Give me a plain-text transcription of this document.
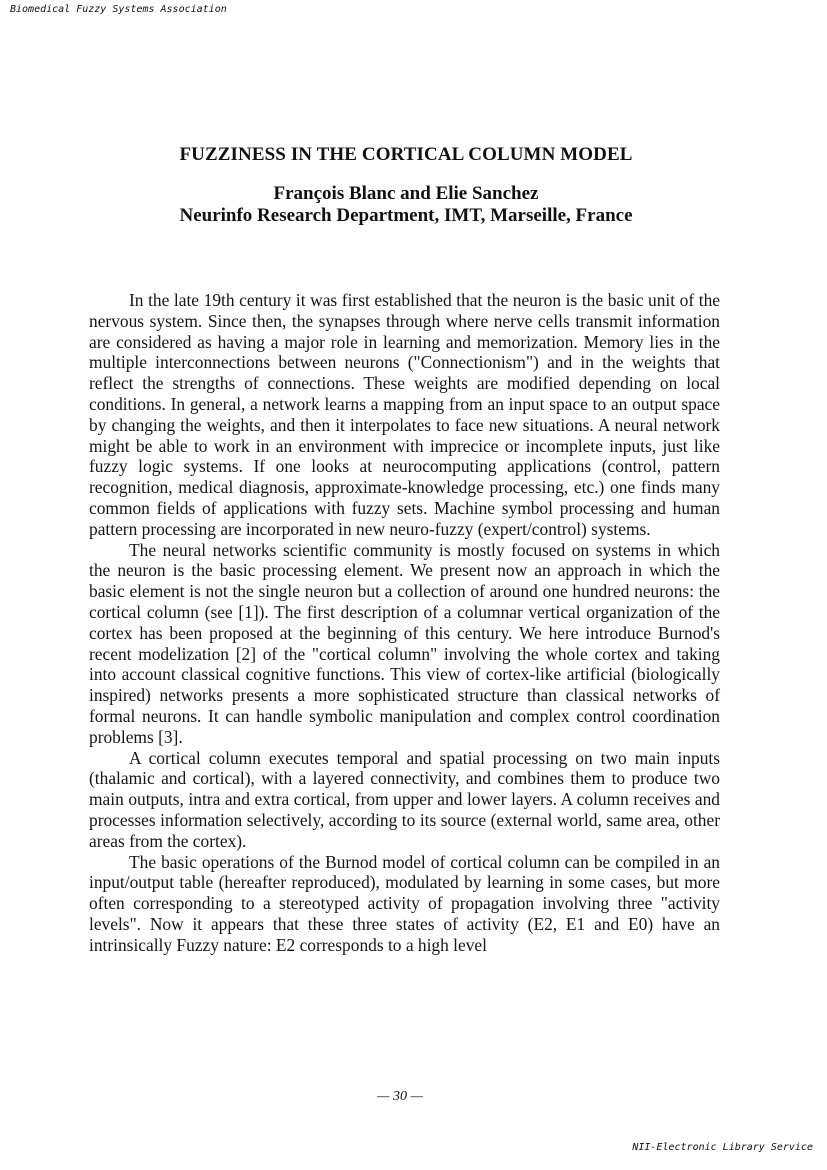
Biomedical Fuzzy Systems Association
FUZZINESS IN THE CORTICAL COLUMN MODEL
François Blanc and Elie Sanchez
Neurinfo Research Department, IMT, Marseille, France

In the late 19th century it was first established that the neuron is the basic unit of the nervous system. Since then, the synapses through where nerve cells transmit information are considered as having a major role in learning and memorization. Memory lies in the multiple interconnections between neurons ("Connectionism") and in the weights that reflect the strengths of connections. These weights are modified depending on local conditions. In general, a network learns a mapping from an input space to an output space by changing the weights, and then it interpolates to face new situations. A neural network might be able to work in an environment with imprecice or incomplete inputs, just like fuzzy logic systems. If one looks at neurocomputing applications (control, pattern recognition, medical diagnosis, approximate-knowledge processing, etc.) one finds many common fields of applications with fuzzy sets. Machine symbol processing and human pattern processing are incorporated in new neuro-fuzzy (expert/control) systems.

The neural networks scientific community is mostly focused on systems in which the neuron is the basic processing element. We present now an approach in which the basic element is not the single neuron but a collection of around one hundred neurons: the cortical column (see [1]). The first description of a columnar vertical organization of the cortex has been proposed at the beginning of this century. We here introduce Burnod's recent modelization [2] of the "cortical column" involving the whole cortex and taking into account classical cognitive functions. This view of cortex-like artificial (biologically inspired) networks presents a more sophisticated structure than classical networks of formal neurons. It can handle symbolic manipulation and complex control coordination problems [3].

A cortical column executes temporal and spatial processing on two main inputs (thalamic and cortical), with a layered connectivity, and combines them to produce two main outputs, intra and extra cortical, from upper and lower layers. A column receives and processes information selectively, according to its source (external world, same area, other areas from the cortex).

The basic operations of the Burnod model of cortical column can be compiled in an input/output table (hereafter reproduced), modulated by learning in some cases, but more often corresponding to a stereotyped activity of propagation involving three "activity levels". Now it appears that these three states of activity (E2, E1 and E0) have an intrinsically Fuzzy nature: E2 corresponds to a high level

— 30 —
NII-Electronic Library Service
